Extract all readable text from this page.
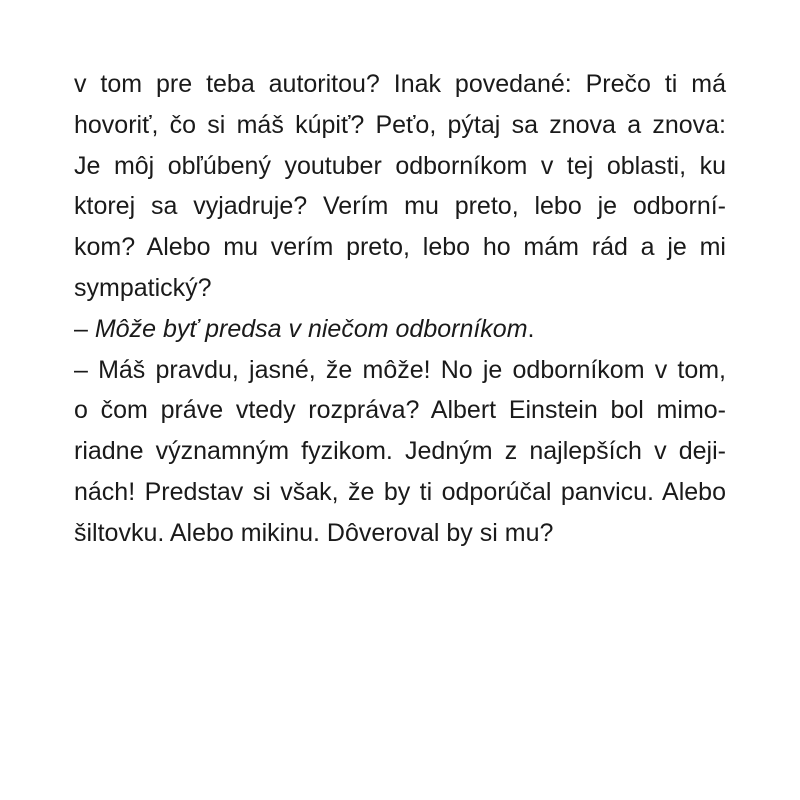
v tom pre teba autoritou? Inak povedané: Prečo ti má
hovoriť, čo si máš kúpiť? Peťo, pýtaj sa znova a znova:
Je môj obľúbený youtuber odborníkom v tej oblasti, ku
ktorej sa vyjadruje? Verím mu preto, lebo je odborní-
kom? Alebo mu verím preto, lebo ho mám rád a je mi
sympatický?
– Môže byť predsa v niečom odborníkom.
– Máš pravdu, jasné, že môže! No je odborníkom v tom,
o čom práve vtedy rozpráva? Albert Einstein bol mimo-
riadne významným fyzikom. Jedným z najlepších v deji-
nách! Predstav si však, že by ti odporúčal panvicu. Alebo
šiltovku. Alebo mikinu. Dôveroval by si mu?
